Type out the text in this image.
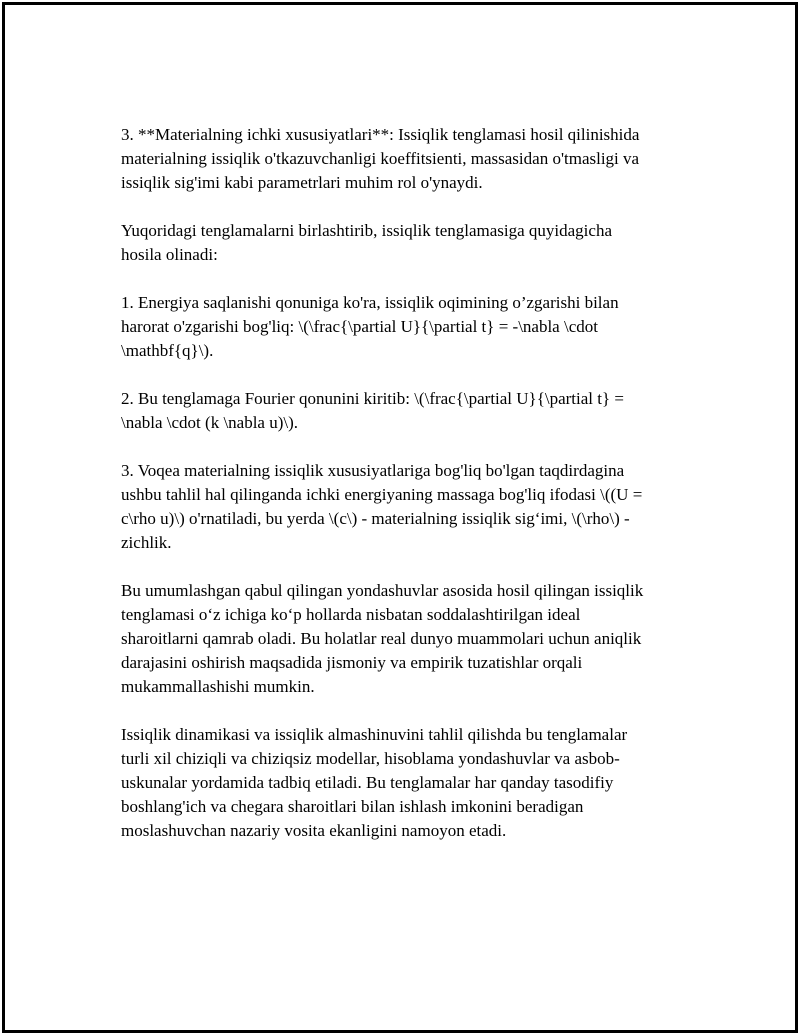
3. **Materialning ichki xususiyatlari**: Issiqlik tenglamasi hosil qilinishida
materialning issiqlik o'tkazuvchanligi koeffitsienti, massasidan o'tmasligi va
issiqlik sig'imi kabi parametrlari muhim rol o'ynaydi.

Yuqoridagi tenglamalarni birlashtirib, issiqlik tenglamasiga quyidagicha
hosila olinadi:

1. Energiya saqlanishi qonuniga ko'ra, issiqlik oqimining o’zgarishi bilan
harorat o'zgarishi bog'liq: \(\frac{\partial U}{\partial t} = -\nabla \cdot
\mathbf{q}\).

2. Bu tenglamaga Fourier qonunini kiritib: \(\frac{\partial U}{\partial t} =
\nabla \cdot (k \nabla u)\).

3. Voqea materialning issiqlik xususiyatlariga bog'liq bo'lgan taqdirdagina
ushbu tahlil hal qilinganda ichki energiyaning massaga bog'liq ifodasi \((U =
c\rho u)\) o'rnatiladi, bu yerda \(c\) - materialning issiqlik sig‘imi, \(\rho\) -
zichlik.

Bu umumlashgan qabul qilingan yondashuvlar asosida hosil qilingan issiqlik
tenglamasi o‘z ichiga ko‘p hollarda nisbatan soddalashtirilgan ideal
sharoitlarni qamrab oladi. Bu holatlar real dunyo muammolari uchun aniqlik
darajasini oshirish maqsadida jismoniy va empirik tuzatishlar orqali
mukammallashishi mumkin.

Issiqlik dinamikasi va issiqlik almashinuvini tahlil qilishda bu tenglamalar
turli xil chiziqli va chiziqsiz modellar, hisoblama yondashuvlar va asbob-
uskunalar yordamida tadbiq etiladi. Bu tenglamalar har qanday tasodifiy
boshlang'ich va chegara sharoitlari bilan ishlash imkonini beradigan
moslashuvchan nazariy vosita ekanligini namoyon etadi.
